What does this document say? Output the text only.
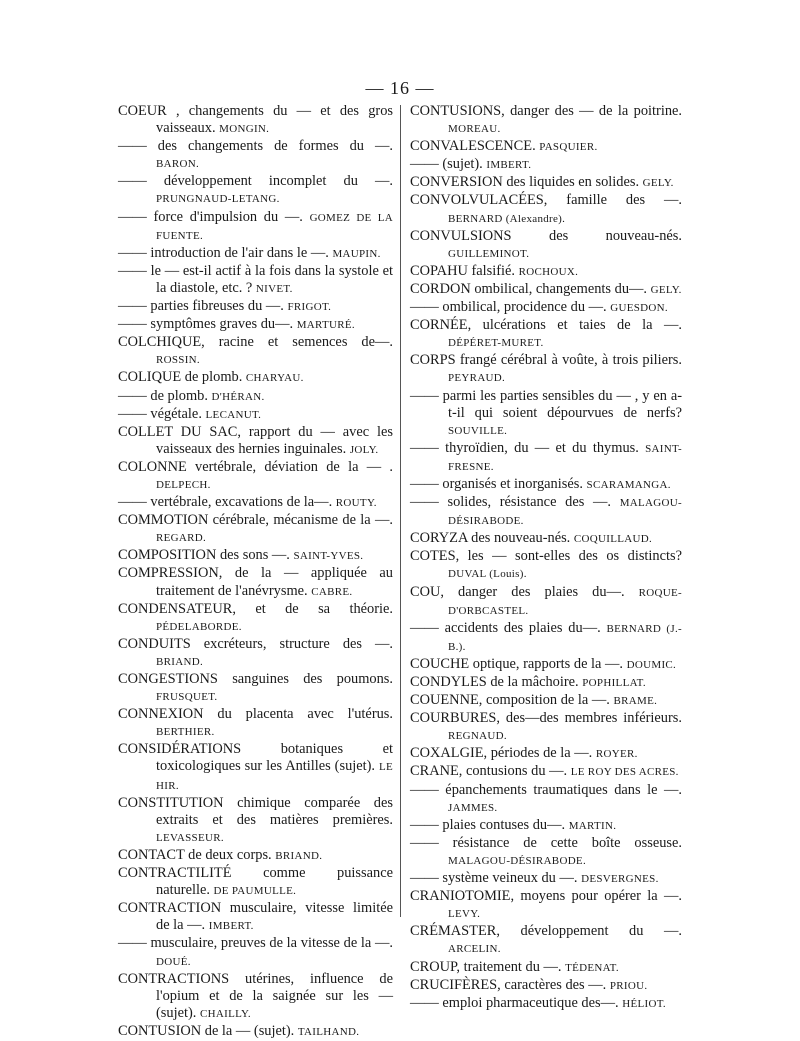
— 16 —

COEUR , changements du — et des gros vaisseaux. MONGIN.

—— des changements de formes du —. BARON.

—— développement incomplet du —. PRUNGNAUD-LETANG.

—— force d'impulsion du —. GOMEZ DE LA FUENTE.

—— introduction de l'air dans le —. MAUPIN.

—— le — est-il actif à la fois dans la systole et la diastole, etc. ? NIVET.

—— parties fibreuses du —. FRIGOT.

—— symptômes graves du—. MARTURÉ.

COLCHIQUE, racine et semences de—. ROSSIN.

COLIQUE de plomb. CHARYAU.

—— de plomb. D'HÉRAN.

—— végétale. LECANUT.

COLLET DU SAC, rapport du — avec les vaisseaux des hernies inguinales. JOLY.

COLONNE vertébrale, déviation de la — . DELPECH.

—— vertébrale, excavations de la—. ROUTY.

COMMOTION cérébrale, mécanisme de la —. REGARD.

COMPOSITION des sons —. SAINT-YVES.

COMPRESSION, de la — appliquée au traitement de l'anévrysme. CABRE.

CONDENSATEUR, et de sa théorie. PÉDELABORDE.

CONDUITS excréteurs, structure des —. BRIAND.

CONGESTIONS sanguines des poumons. FRUSQUET.

CONNEXION du placenta avec l'utérus. BERTHIER.

CONSIDÉRATIONS botaniques et toxicologiques sur les Antilles (sujet). LE HIR.

CONSTITUTION chimique comparée des extraits et des matières premières. LEVASSEUR.

CONTACT de deux corps. BRIAND.

CONTRACTILITÉ comme puissance naturelle. DE PAUMULLE.

CONTRACTION musculaire, vitesse limitée de la —. IMBERT.

—— musculaire, preuves de la vitesse de la —. DOUÉ.

CONTRACTIONS utérines, influence de l'opium et de la saignée sur les — (sujet). CHAILLY.

CONTUSION de la — (sujet). TAILHAND.

CONTUSIONS, danger des — de la poitrine. MOREAU.

CONVALESCENCE. PASQUIER.

—— (sujet). IMBERT.

CONVERSION des liquides en solides. GELY.

CONVOLVULACÉES, famille des —. BERNARD (Alexandre).

CONVULSIONS des nouveau-nés. GUILLEMINOT.

COPAHU falsifié. ROCHOUX.

CORDON ombilical, changements du—. GELY.

—— ombilical, procidence du —. GUESDON.

CORNÉE, ulcérations et taies de la —. DÉPÉRET-MURET.

CORPS frangé cérébral à voûte, à trois piliers. PEYRAUD.

—— parmi les parties sensibles du — , y en a-t-il qui soient dépourvues de nerfs? SOUVILLE.

—— thyroïdien, du — et du thymus. SAINT-FRESNE.

—— organisés et inorganisés. SCARAMANGA.

—— solides, résistance des —. MALAGOU-DÉSIRABODE.

CORYZA des nouveau-nés. COQUILLAUD.

COTES, les — sont-elles des os distincts? DUVAL (Louis).

COU, danger des plaies du—. ROQUE-D'ORBCASTEL.

—— accidents des plaies du—. BERNARD (J.-B.).

COUCHE optique, rapports de la —. DOUMIC.

CONDYLES de la mâchoire. POPHILLAT.

COUENNE, composition de la —. BRAME.

COURBURES, des—des membres inférieurs. REGNAUD.

COXALGIE, périodes de la —. ROYER.

CRANE, contusions du —. LE ROY DES ACRES.

—— épanchements traumatiques dans le —. JAMMES.

—— plaies contuses du—. MARTIN.

—— résistance de cette boîte osseuse. MALAGOU-DÉSIRABODE.

—— système veineux du —. DESVERGNES.

CRANIOTOMIE, moyens pour opérer la —. LEVY.

CRÉMASTER, développement du —. ARCELIN.

CROUP, traitement du —. TÉDENAT.

CRUCIFÈRES, caractères des —. PRIOU.

—— emploi pharmaceutique des—. HÉLIOT.
